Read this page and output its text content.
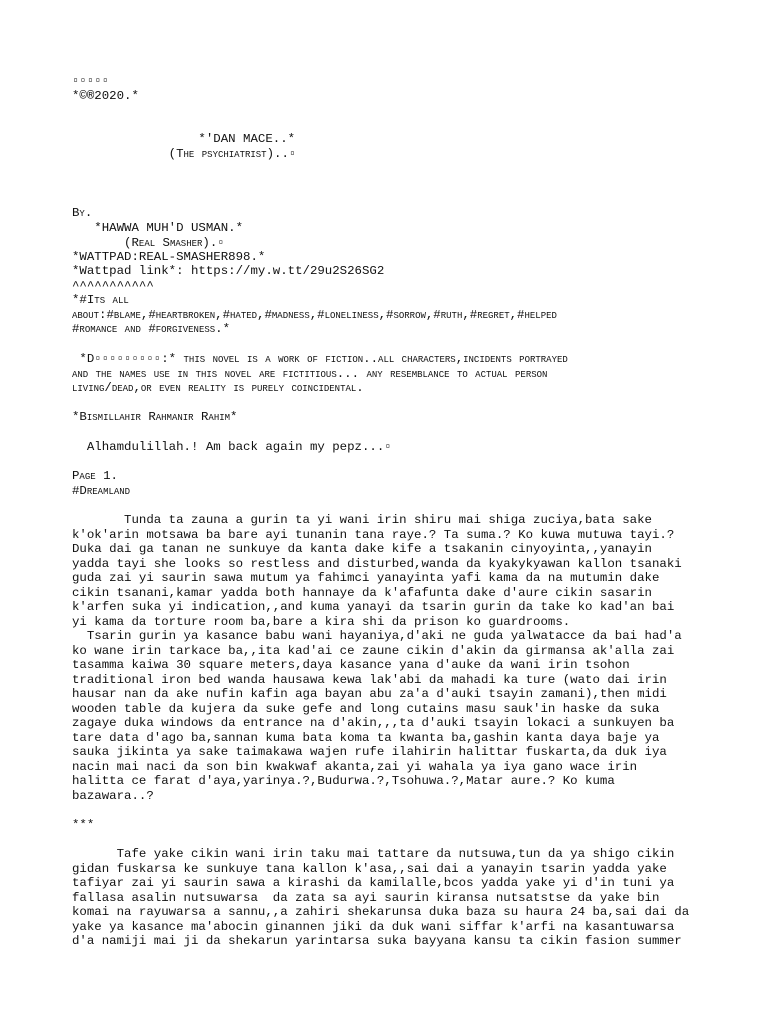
▫▫▫▫▫
*©®2020.*
*'DAN MACE..*
(The psychiatrist)..▫
By.
*HAWWA MUH'D USMAN.*
(Real Smasher).▫
*WATTPAD:REAL-SMASHER898.*
*Wattpad link*: https://my.w.tt/29u2S26SG2
^^^^^^^^^^^
*#Its all
about:#blame,#heartbroken,#hated,#madness,#loneliness,#sorrow,#ruth,#regret,#helped
#romance and #forgiveness.*
*D▫▫▫▫▫▫▫▫▫:* this novel is a work of fiction..all characters,incidents portrayed
and the names use in this novel are fictitious... any resemblance to actual person
living/dead,or even reality is purely coincidental.
*Bismillahir Rahmanir Rahim*
Alhamdulillah.! Am back again my pepz...▫
Page 1.
#Dreamland
Tunda ta zauna a gurin ta yi wani irin shiru mai shiga zuciya,bata sake
k'ok'arin motsawa ba bare ayi tunanin tana raye.? Ta suma.? Ko kuwa mutuwa tayi.?
Duka dai ga tanan ne sunkuye da kanta dake kife a tsakanin cinyoyinta,,yanayin
yadda tayi she looks so restless and disturbed,wanda da kyakykyawan kallon tsanaki
guda zai yi saurin sawa mutum ya fahimci yanayinta yafi kama da na mutumin dake
cikin tsanani,kamar yadda both hannaye da k'afafunta dake d'aure cikin sasarin
k'arfen suka yi indication,,and kuma yanayi da tsarin gurin da take ko kad'an bai
yi kama da torture room ba,bare a kira shi da prison ko guardrooms.
Tsarin gurin ya kasance babu wani hayaniya,d'aki ne guda yalwatacce da bai had'a
ko wane irin tarkace ba,,ita kad'ai ce zaune cikin d'akin da girmansa ak'alla zai
tasamma kaiwa 30 square meters,daya kasance yana d'auke da wani irin tsohon
traditional iron bed wanda hausawa kewa lak'abi da mahadi ka ture (wato dai irin
hausar nan da ake nufin kafin aga bayan abu za'a d'auki tsayin zamani),then midi
wooden table da kujera da suke gefe and long cutains masu sauk'in haske da suka
zagaye duka windows da entrance na d'akin,,,ta d'auki tsayin lokaci a sunkuyen ba
tare data d'ago ba,sannan kuma bata koma ta kwanta ba,gashin kanta daya baje ya
sauka jikinta ya sake taimakawa wajen rufe ilahirin halittar fuskarta,da duk iya
nacin mai naci da son bin kwakwaf akanta,zai yi wahala ya iya gano wace irin
halitta ce farat d'aya,yarinya.?,Budurwa.?,Tsohuwa.?,Matar aure.? Ko kuma
bazawara..?
***
Tafe yake cikin wani irin taku mai tattare da nutsuwa,tun da ya shigo cikin
gidan fuskarsa ke sunkuye tana kallon k'asa,,sai dai a yanayin tsarin yadda yake
tafiyar zai yi saurin sawa a kirashi da kamilalle,bcos yadda yake yi d'in tuni ya
fallasa asalin nutsuwarsa  da zata sa ayi saurin kiransa nutsatstse da yake bin
komai na rayuwarsa a sannu,,a zahiri shekarunsa duka baza su haura 24 ba,sai dai da
yake ya kasance ma'abocin ginannen jiki da duk wani siffar k'arfi na kasantuwarsa
d'a namiji mai ji da shekarun yarintarsa suka bayyana kansu ta cikin fasion summer
